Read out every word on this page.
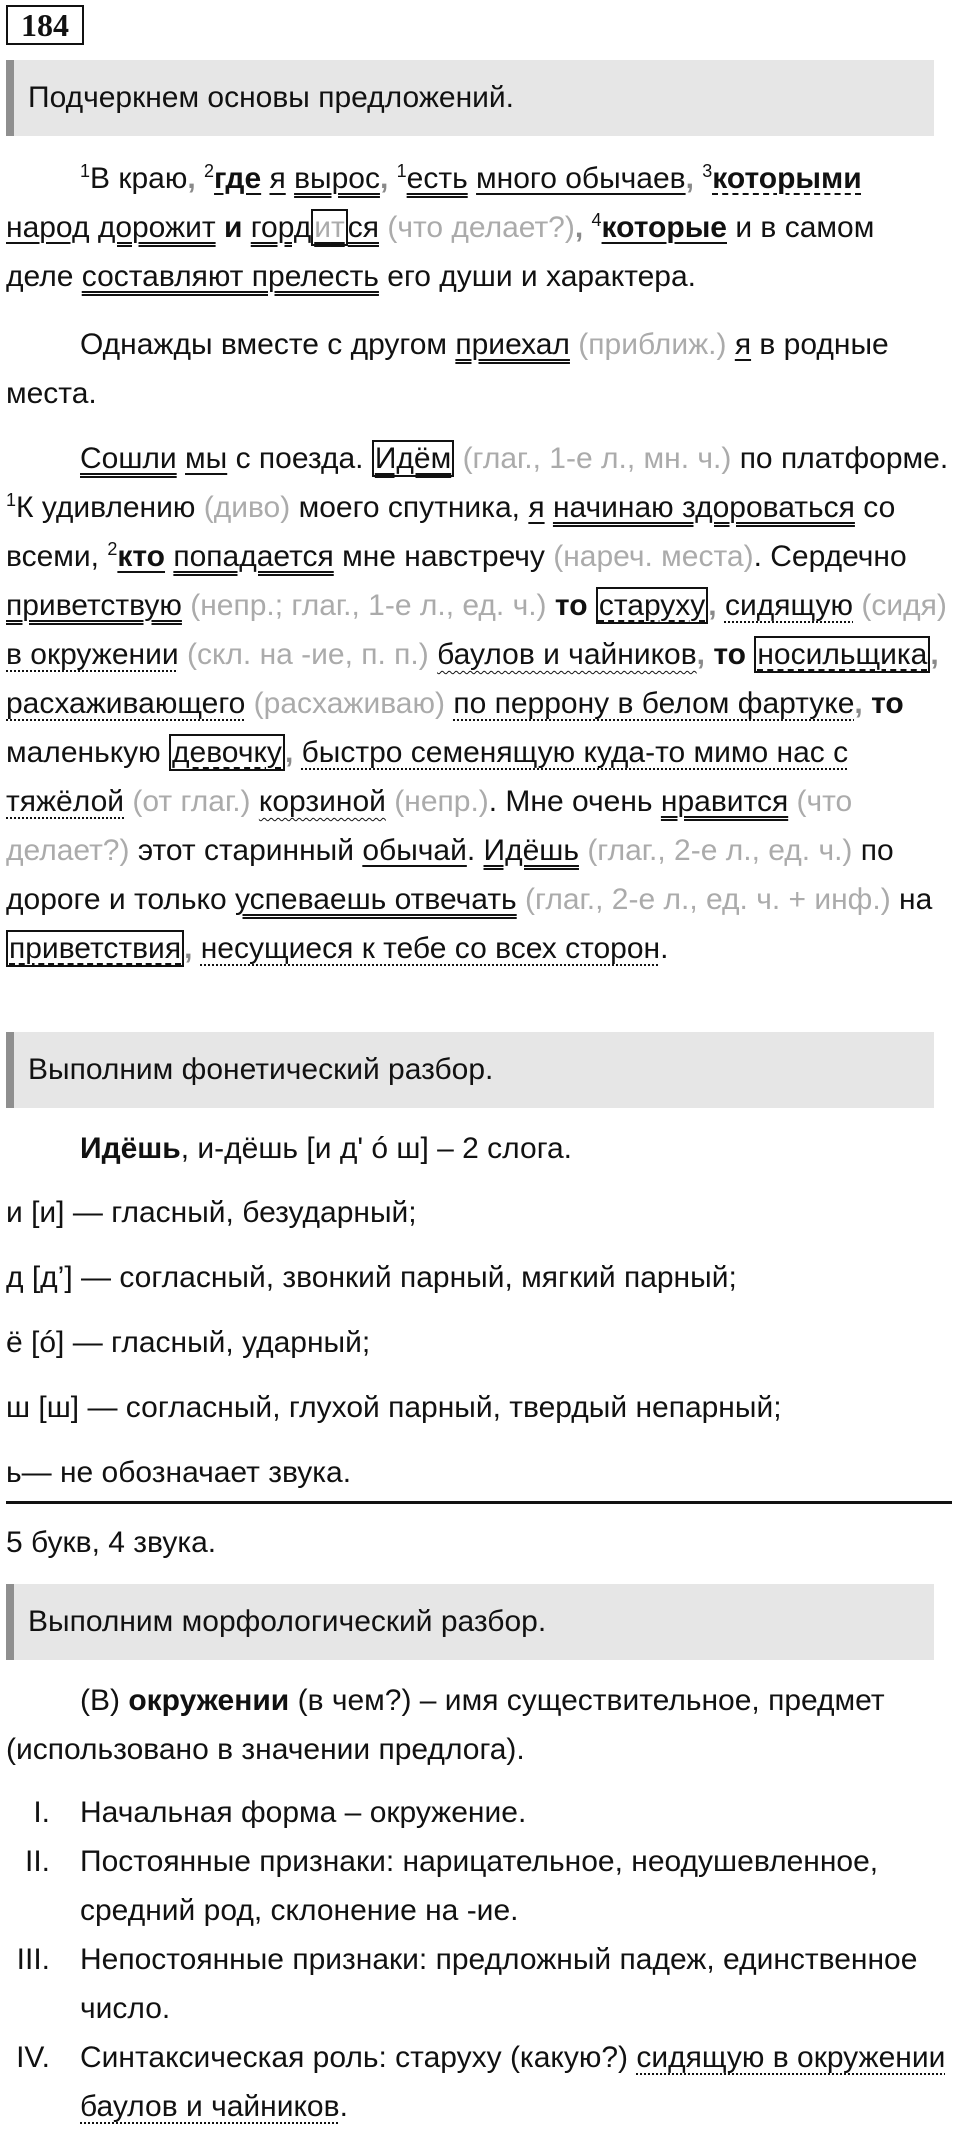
184
Подчеркнем основы предложений.
$^1$В краю, $^2$где я вырос, $^1$есть много обычаев, $^3$которыми народ дорожит и горд ит ся (что делает?), $^4$которые и в самом деле составляют прелесть его души и характера.
Однажды вместе с другом приехал (приближ.) я в родные места.
Сошли мы с поезда. Идём (глаг., 1-е л., мн. ч.) по платформе. $^1$К удивлению (диво) моего спутника, я начинаю здороваться со всеми, $^2$кто попадается мне навстречу (нареч. места). Сердечно приветствую (непр.; глаг., 1-е л., ед. ч.) то старуху , сидящую (сидя) в окружении (скл. на -ие, п. п.) баулов и чайников, то носильщика , расхаживающего (расхаживаю) по перрону в белом фартуке, то маленькую девочку , быстро семенящую куда-то мимо нас с тяжёлой (от глаг.) корзиной (непр.). Мне очень нравится (что делает?) этот старинный обычай. Идёшь (глаг., 2-е л., ед. ч.) по дороге и только успеваешь отвечать (глаг., 2-е л., ед. ч. + инф.) на приветствия , несущиеся к тебе со всех сторон.
Выполним фонетический разбор.
Идёшь, и-дёшь [и д' ó ш] – 2 слога.
и [и] — гласный, безударный;
д [д’] — согласный, звонкий парный, мягкий парный;
ё [ó] — гласный, ударный;
ш [ш] — согласный, глухой парный, твердый непарный;
ь— не обозначает звука.
5 букв, 4 звука.
Выполним морфологический разбор.
(В) окружении (в чем?) – имя существительное, предмет (использовано в значении предлога).
I. Начальная форма – окружение.
II. Постоянные признаки: нарицательное, неодушевленное, средний род, склонение на -ие.
III. Непостоянные признаки: предложный падеж, единственное число.
IV. Синтаксическая роль: старуху (какую?) сидящую в окружении баулов и чайников.
